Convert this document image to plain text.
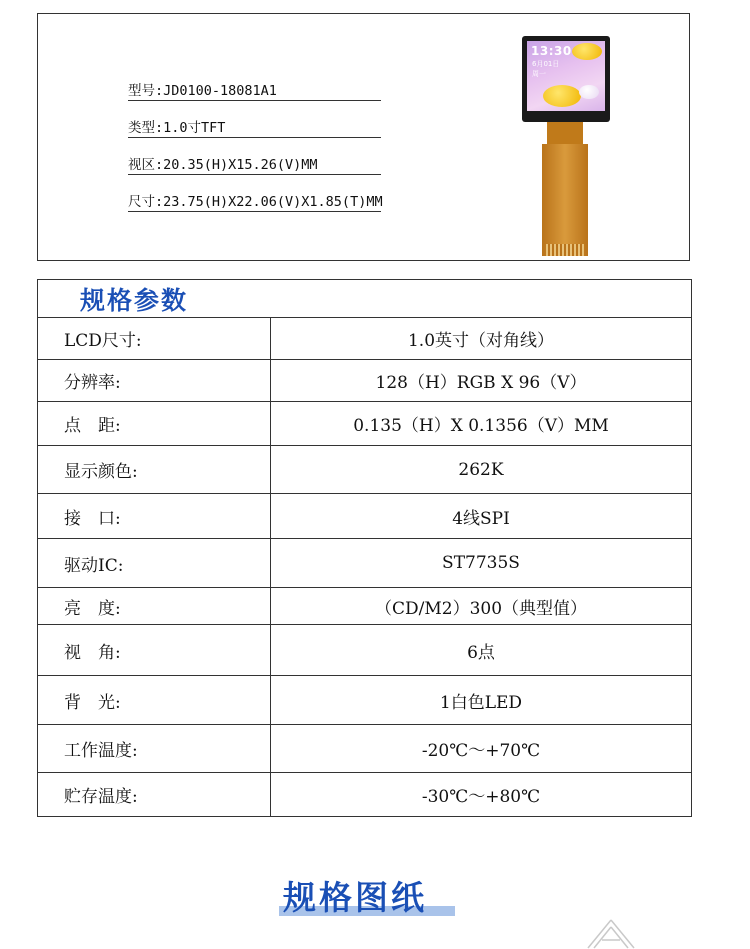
型号:JD0100-18081A1
类型:1.0寸TFT
视区:20.35(H)X15.26(V)MM
尺寸:23.75(H)X22.06(V)X1.85(T)MM
13:30
6月01日
周一
规格参数	
LCD尺寸:	1.0英寸（对角线）
分辨率:	128（H）RGB X 96（V）
点　距:	0.135（H）X 0.1356（V）MM
显示颜色:	262K
接　口:	4线SPI
驱动IC:	ST7735S
亮　度:	（CD/M2）300（典型值）
视　角:	6点
背　光:	1白色LED
工作温度:	-20℃～+70℃
贮存温度:	-30℃～+80℃
规格图纸
